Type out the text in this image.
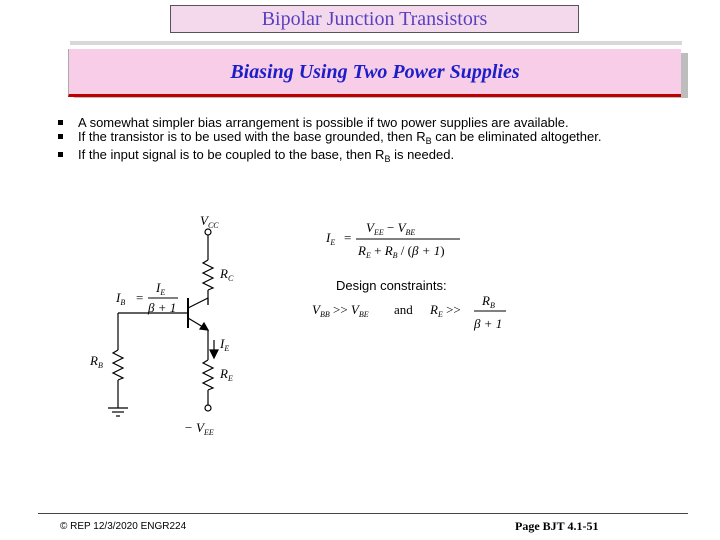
Bipolar Junction Transistors
Biasing Using Two Power Supplies
A somewhat simpler bias arrangement is possible if two power supplies are available.
If the transistor is to be used with the base grounded, then $R_B$ can be eliminated altogether.
If the input signal is to be coupled to the base, then $R_B$ is needed.
$V_{CC}$
$R_C$
$R_B$
$R_E$
$I_E$
− $V_{EE}$
$I_B$ =
$I_E$
β + 1
$I_E$ =
$V_{EE} - V_{BE}$
$R_E + R_B / (\beta + 1)$
Design constraints:
$V_{BB} >> V_{BE}$ and $R_E$ >>
$R_B$
β + 1
© REP 12/3/2020 ENGR224	Page BJT 4.1-51
